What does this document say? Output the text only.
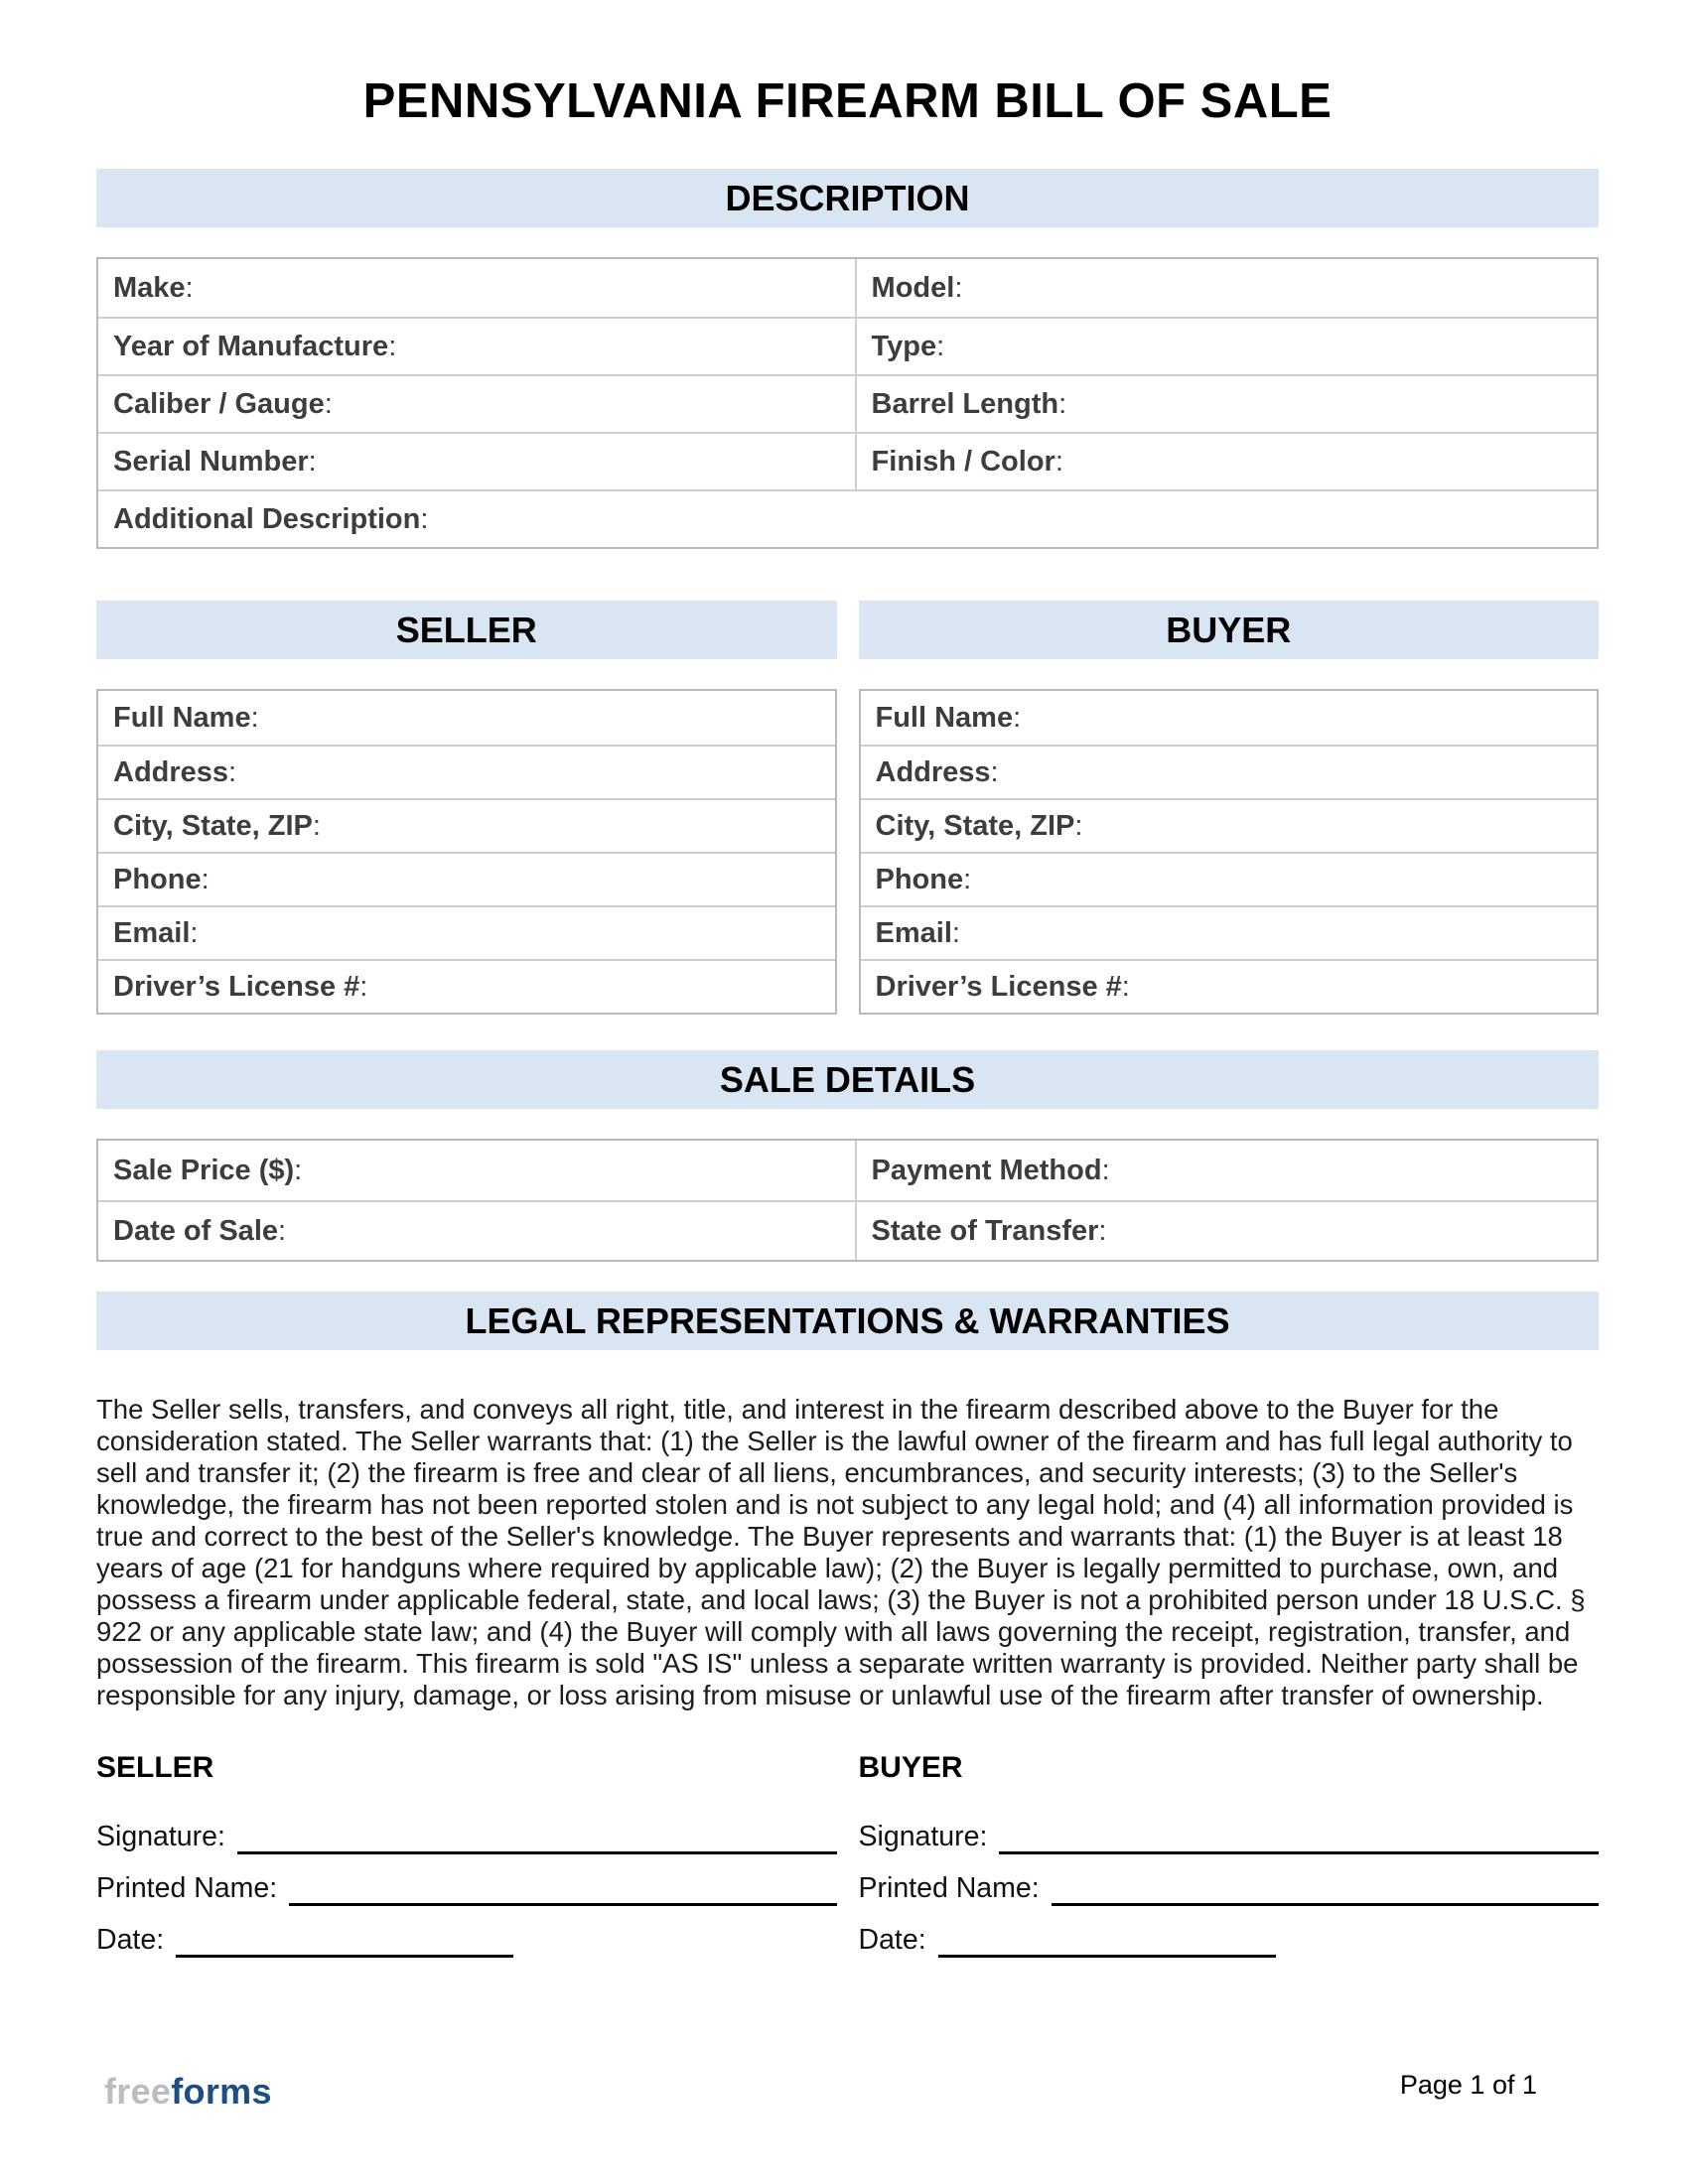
PENNSYLVANIA FIREARM BILL OF SALE
DESCRIPTION
Make :	Model :
Year of Manufacture :	Type :
Caliber / Gauge :	Barrel Length :
Serial Number :	Finish / Color :
Additional Description :
SELLER	BUYER
Full Name :
Address :
City, State, ZIP :
Phone :
Email :
Driver’s License # :
Full Name :
Address :
City, State, ZIP :
Phone :
Email :
Driver’s License # :
SALE DETAILS
Sale Price ($) :	Payment Method :
Date of Sale :	State of Transfer :
LEGAL REPRESENTATIONS & WARRANTIES

The Seller sells, transfers, and conveys all right, title, and interest in the firearm described above to the Buyer for the consideration stated. The Seller warrants that: (1) the Seller is the lawful owner of the firearm and has full legal authority to sell and transfer it; (2) the firearm is free and clear of all liens, encumbrances, and security interests; (3) to the Seller's knowledge, the firearm has not been reported stolen and is not subject to any legal hold; and (4) all information provided is true and correct to the best of the Seller's knowledge. The Buyer represents and warrants that: (1) the Buyer is at least 18 years of age (21 for handguns where required by applicable law); (2) the Buyer is legally permitted to purchase, own, and possess a firearm under applicable federal, state, and local laws; (3) the Buyer is not a prohibited person under 18 U.S.C. § 922 or any applicable state law; and (4) the Buyer will comply with all laws governing the receipt, registration, transfer, and possession of the firearm. This firearm is sold "AS IS" unless a separate written warranty is provided. Neither party shall be responsible for any injury, damage, or loss arising from misuse or unlawful use of the firearm after transfer of ownership.

SELLER
Signature:
Printed Name:
Date:
BUYER
Signature:
Printed Name:
Date:
freeforms	Page 1 of 1
